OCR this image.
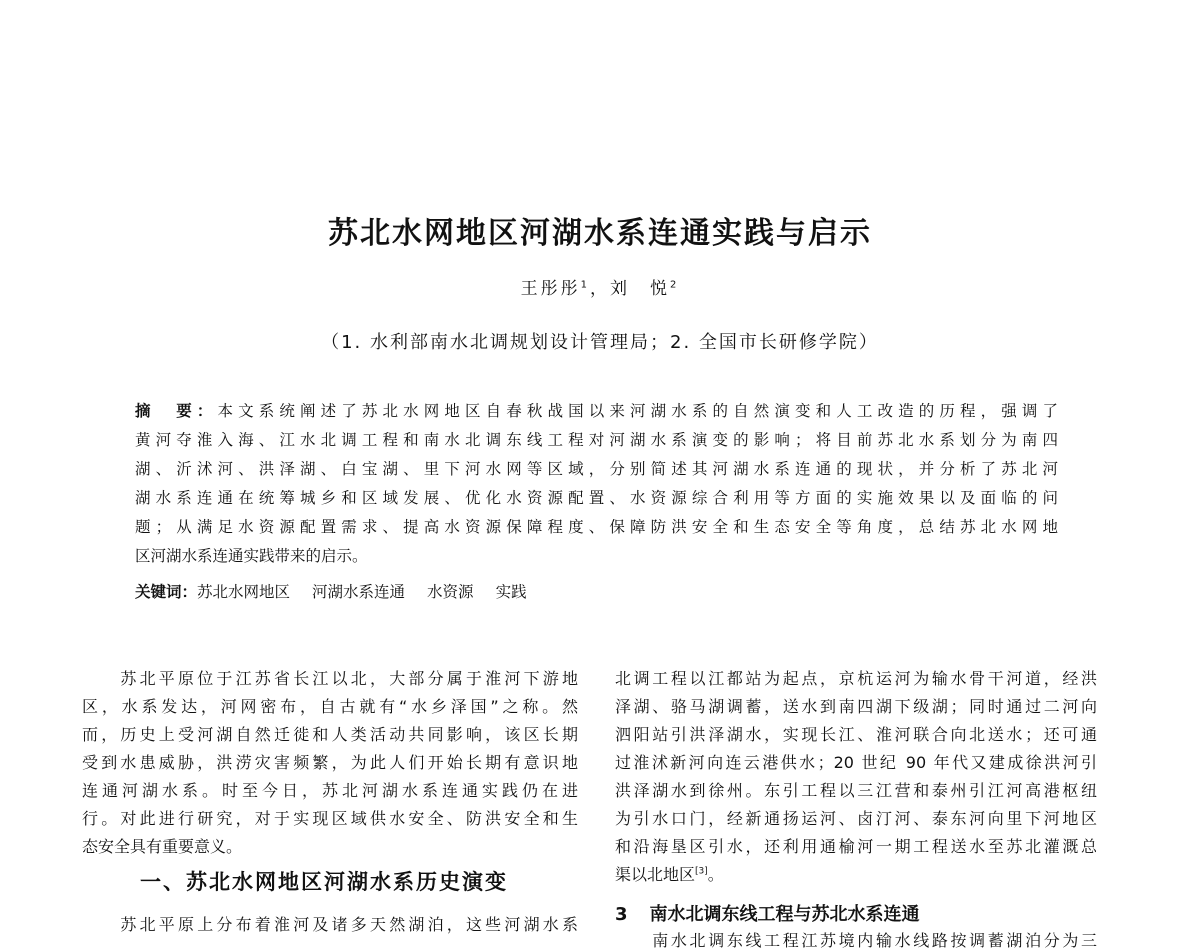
苏北水网地区河湖水系连通实践与启示
王彤彤$^1$，刘　悦$^2$
（1. 水利部南水北调规划设计管理局；2. 全国市长研修学院）
摘　要：本文系统阐述了苏北水网地区自春秋战国以来河湖水系的自然演变和人工改造的历程，强调了
黄河夺淮入海、江水北调工程和南水北调东线工程对河湖水系演变的影响；将目前苏北水系划分为南四
湖、沂沭河、洪泽湖、白宝湖、里下河水网等区域，分别简述其河湖水系连通的现状，并分析了苏北河
湖水系连通在统筹城乡和区域发展、优化水资源配置、水资源综合利用等方面的实施效果以及面临的问
题；从满足水资源配置需求、提高水资源保障程度、保障防洪安全和生态安全等角度，总结苏北水网地
区河湖水系连通实践带来的启示。
关键词：苏北水网地区 河湖水系连通 水资源 实践
　　苏北平原位于江苏省长江以北，大部分属于淮河下游地
区，水系发达，河网密布，自古就有“水乡泽国”之称。然
而，历史上受河湖自然迁徙和人类活动共同影响，该区长期
受到水患威胁，洪涝灾害频繁，为此人们开始长期有意识地
连通河湖水系。时至今日，苏北河湖水系连通实践仍在进
行。对此进行研究，对于实现区域供水安全、防洪安全和生
态安全具有重要意义。
一、苏北水网地区河湖水系历史演变
　　苏北平原上分布着淮河及诸多天然湖泊，这些河湖水系
北调工程以江都站为起点，京杭运河为输水骨干河道，经洪
泽湖、骆马湖调蓄，送水到南四湖下级湖；同时通过二河向
泗阳站引洪泽湖水，实现长江、淮河联合向北送水；还可通
过淮沭新河向连云港供水；20 世纪 90 年代又建成徐洪河引
洪泽湖水到徐州。东引工程以三江营和泰州引江河高港枢纽
为引水口门，经新通扬运河、卤汀河、泰东河向里下河地区
和沿海垦区引水，还利用通榆河一期工程送水至苏北灌溉总
渠以北地区[3]。
3 南水北调东线工程与苏北水系连通
　　南水北调东线工程江苏境内输水线路按调蓄湖泊分为三
